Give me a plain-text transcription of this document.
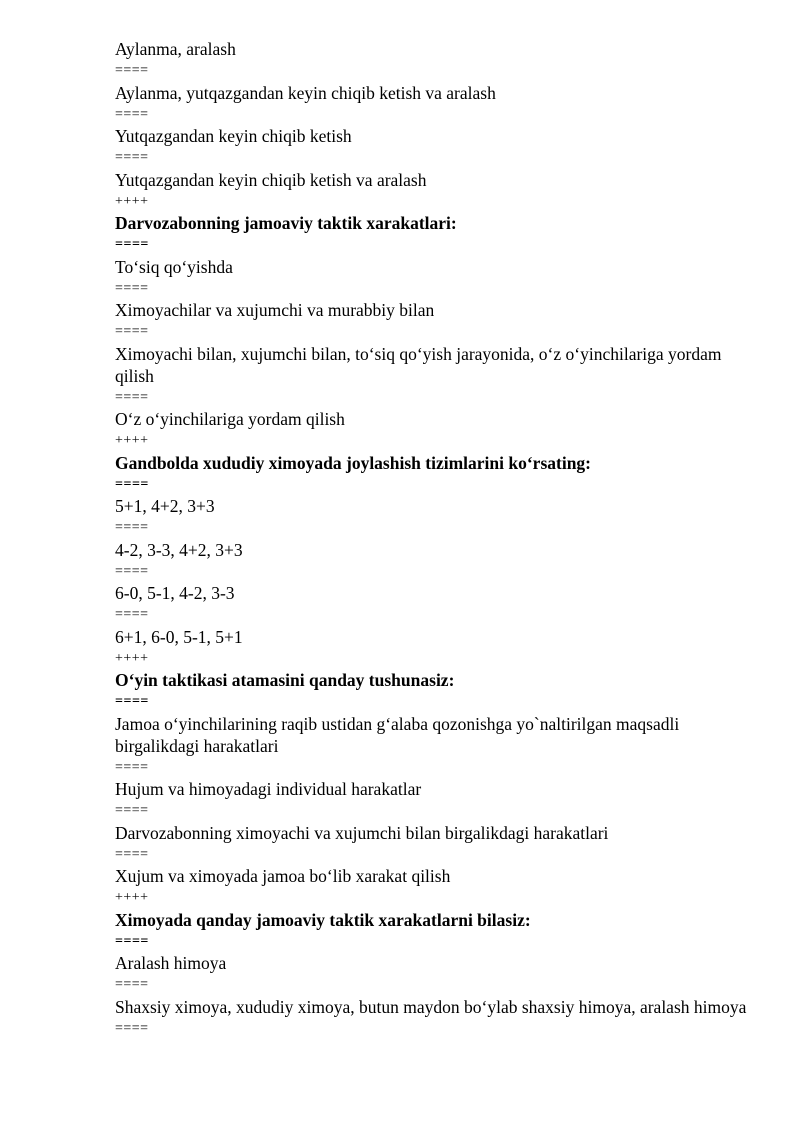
Aylanma, aralash
====
Aylanma, yutqazgandan keyin chiqib ketish va aralash
====
Yutqazgandan keyin chiqib ketish
====
Yutqazgandan keyin chiqib ketish va aralash
++++
Darvozabonning jamoaviy taktik xarakatlari:
====
To‘siq qo‘yishda
====
Ximoyachilar va xujumchi va murabbiy bilan
====
Ximoyachi bilan, xujumchi bilan, to‘siq qo‘yish jarayonida, o‘z o‘yinchilariga yordam qilish
====
O‘z o‘yinchilariga yordam qilish
++++
Gandbolda xududiy ximoyada joylashish tizimlarini ko‘rsating:
====
5+1, 4+2, 3+3
====
4-2, 3-3, 4+2, 3+3
====
6-0, 5-1, 4-2, 3-3
====
6+1, 6-0, 5-1, 5+1
++++
O‘yin taktikasi atamasini qanday tushunasiz:
====
Jamoa o‘yinchilarining raqib ustidan g‘alaba qozonishga yo`naltirilgan maqsadli birgalikdagi harakatlari
====
Hujum va himoyadagi individual harakatlar
====
Darvozabonning ximoyachi va xujumchi bilan birgalikdagi harakatlari
====
Xujum va ximoyada jamoa bo‘lib xarakat qilish
++++
Ximoyada qanday jamoaviy taktik xarakatlarni bilasiz:
====
Aralash himoya
====
Shaxsiy ximoya, xududiy ximoya, butun maydon bo‘ylab shaxsiy himoya, aralash himoya
====
